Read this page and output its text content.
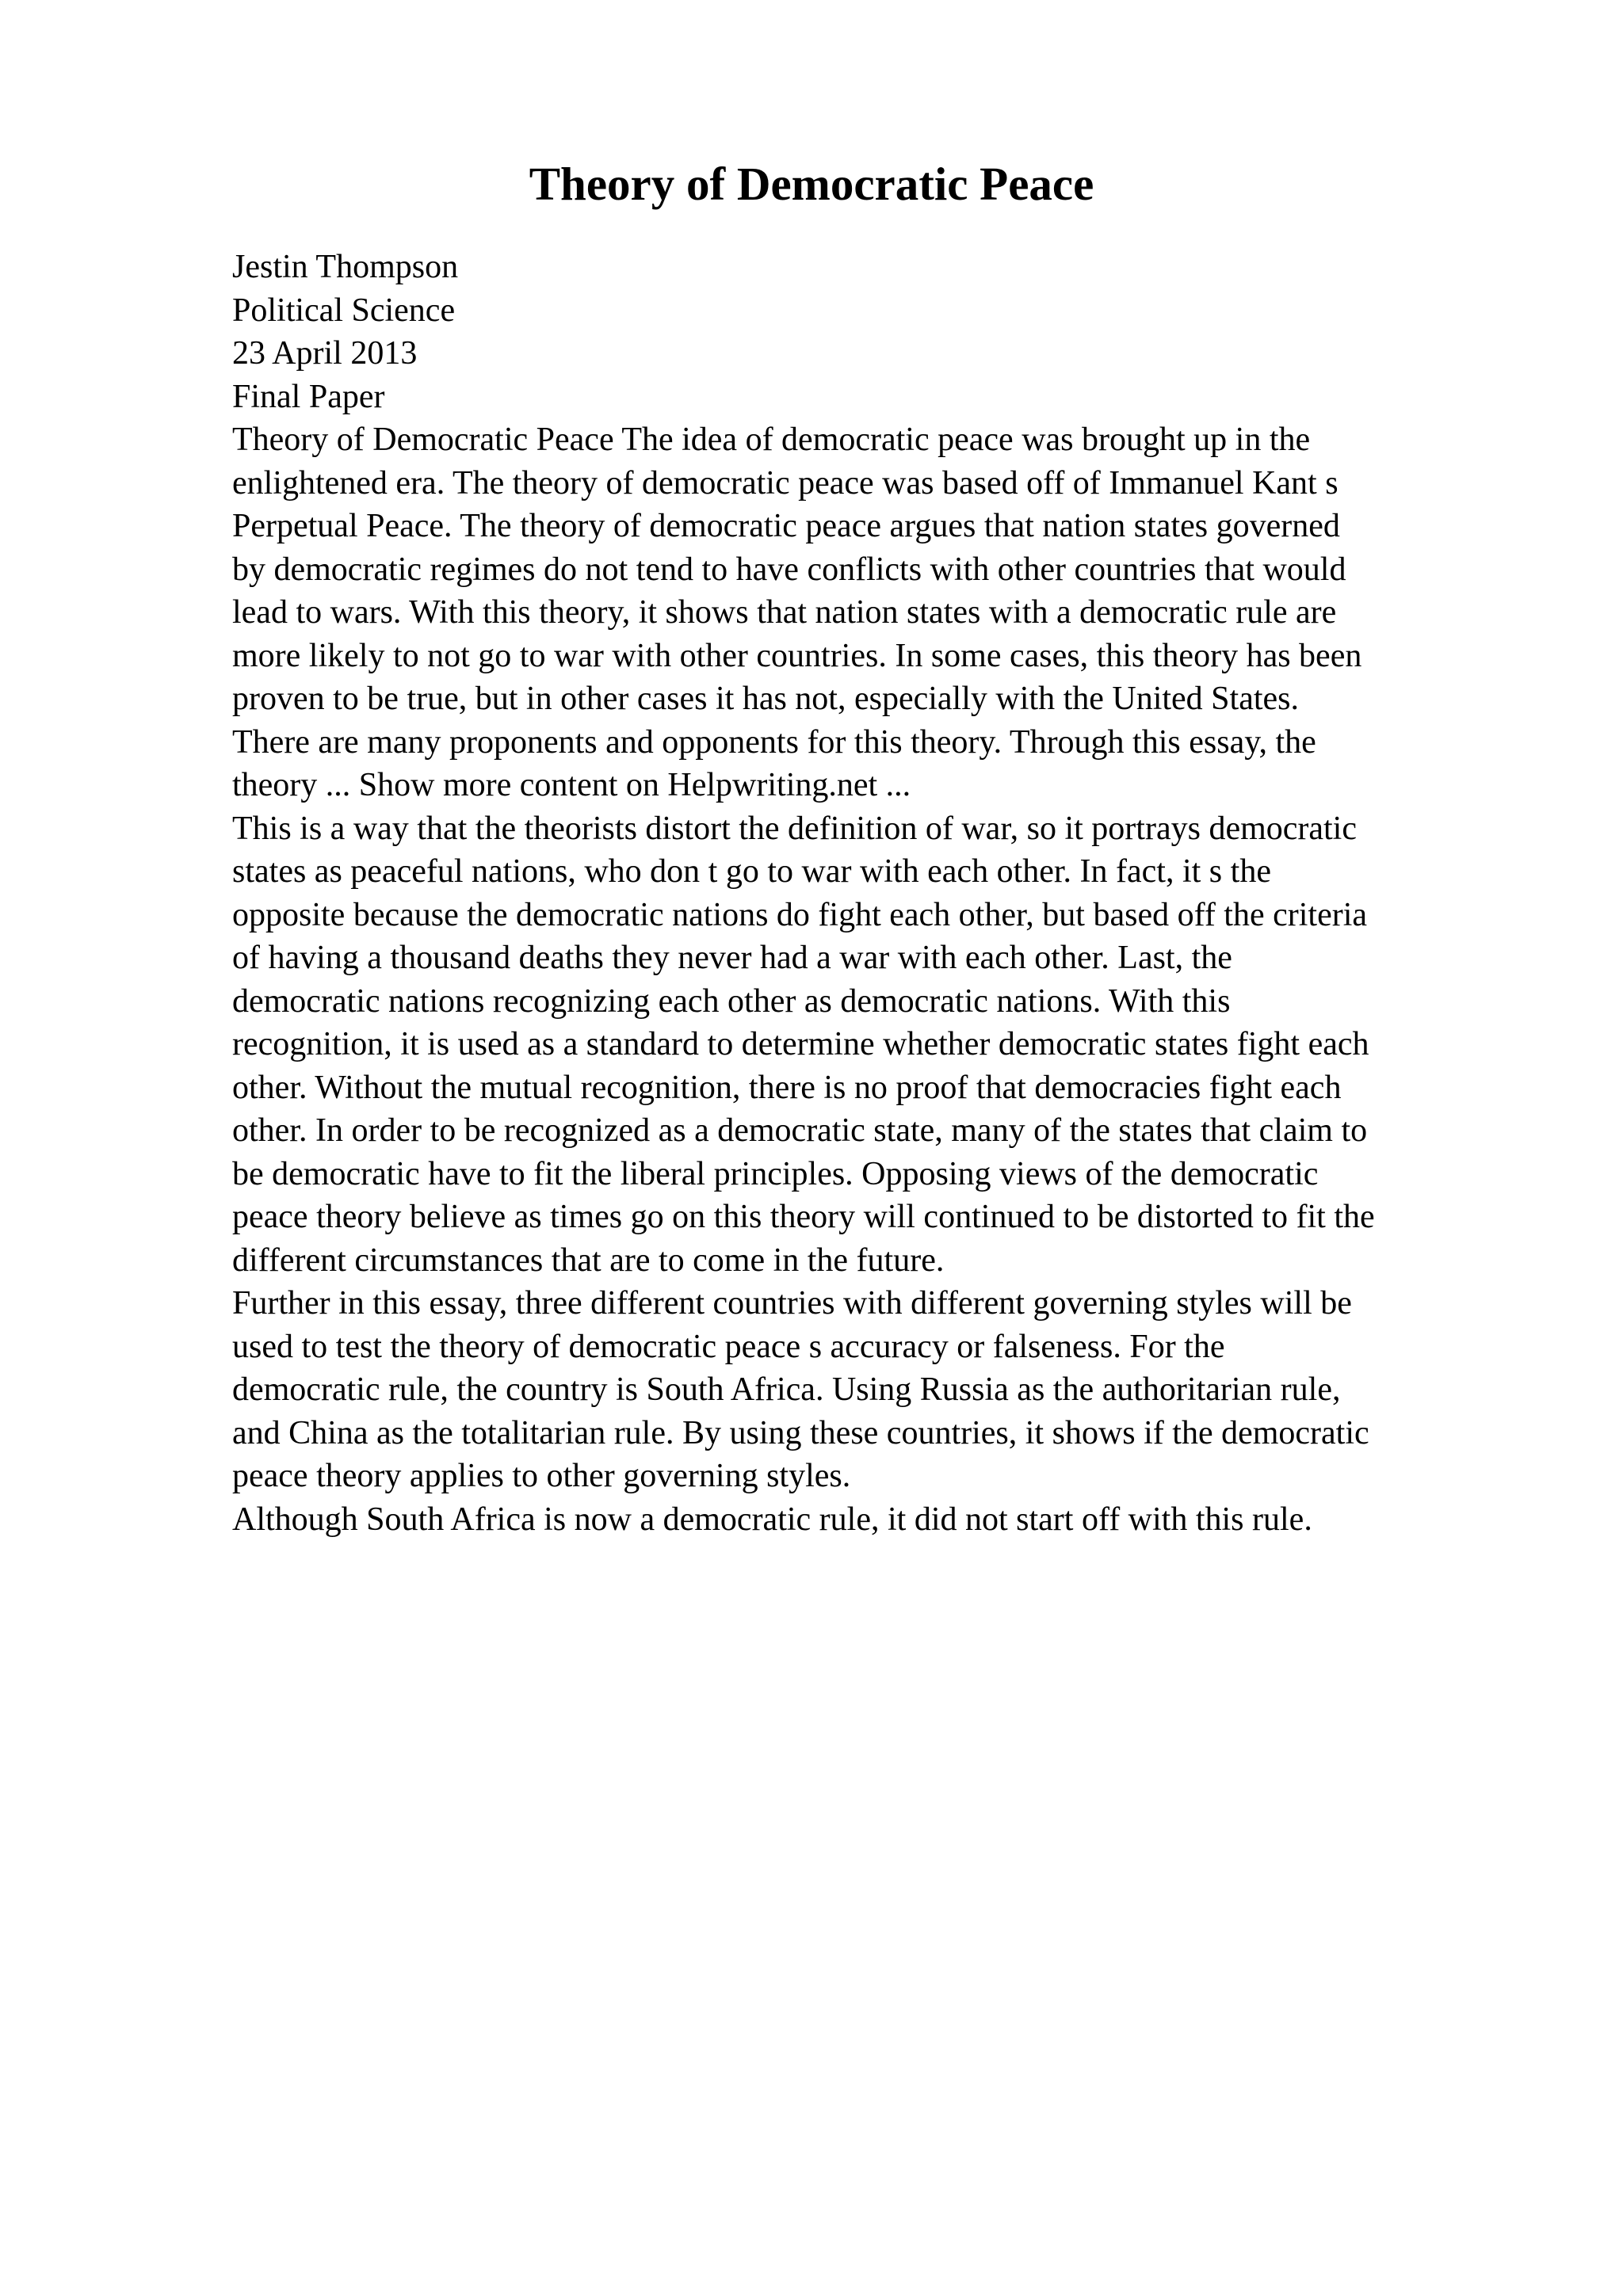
Theory of Democratic Peace
Jestin Thompson
Political Science
23 April 2013
Final Paper
Theory of Democratic Peace The idea of democratic peace was brought up in the
enlightened era. The theory of democratic peace was based off of Immanuel Kant s
Perpetual Peace. The theory of democratic peace argues that nation states governed
by democratic regimes do not tend to have conflicts with other countries that would
lead to wars. With this theory, it shows that nation states with a democratic rule are
more likely to not go to war with other countries. In some cases, this theory has been
proven to be true, but in other cases it has not, especially with the United States.
There are many proponents and opponents for this theory. Through this essay, the
theory ... Show more content on Helpwriting.net ...
This is a way that the theorists distort the definition of war, so it portrays democratic
states as peaceful nations, who don t go to war with each other. In fact, it s the
opposite because the democratic nations do fight each other, but based off the criteria
of having a thousand deaths they never had a war with each other. Last, the
democratic nations recognizing each other as democratic nations. With this
recognition, it is used as a standard to determine whether democratic states fight each
other. Without the mutual recognition, there is no proof that democracies fight each
other. In order to be recognized as a democratic state, many of the states that claim to
be democratic have to fit the liberal principles. Opposing views of the democratic
peace theory believe as times go on this theory will continued to be distorted to fit the
different circumstances that are to come in the future.
Further in this essay, three different countries with different governing styles will be
used to test the theory of democratic peace s accuracy or falseness. For the
democratic rule, the country is South Africa. Using Russia as the authoritarian rule,
and China as the totalitarian rule. By using these countries, it shows if the democratic
peace theory applies to other governing styles.
Although South Africa is now a democratic rule, it did not start off with this rule.
